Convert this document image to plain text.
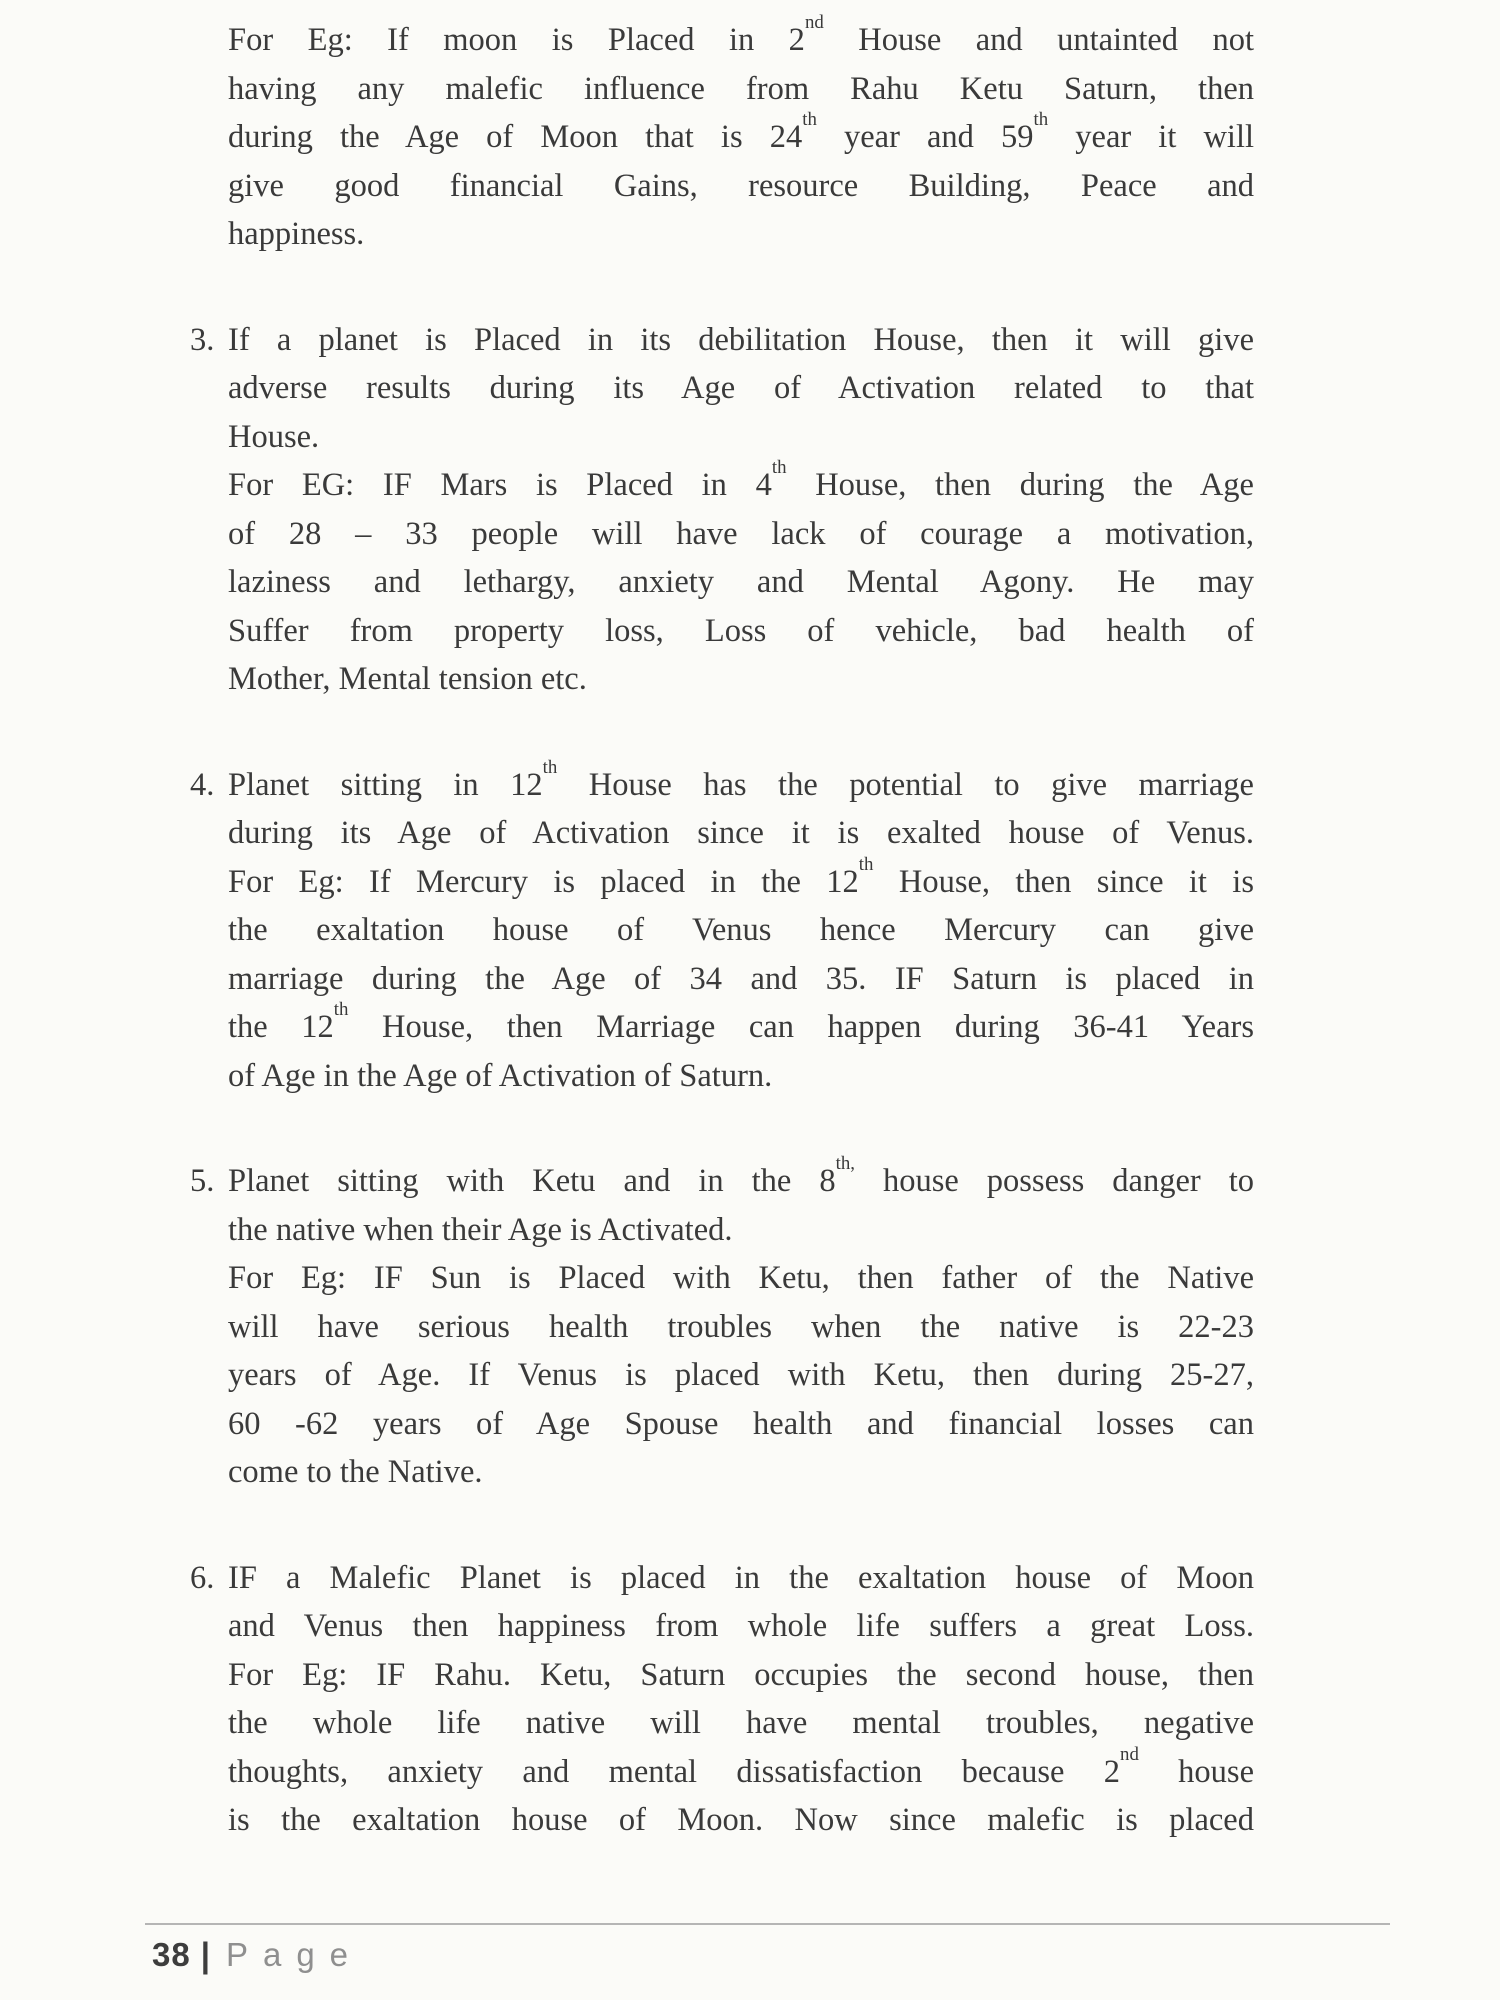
For Eg: If moon is Placed in 2nd House and untainted not
having any malefic influence from Rahu Ketu Saturn, then
during the Age of Moon that is 24th year and 59th year it will
give good financial Gains, resource Building, Peace and
happiness.
3. If a planet is Placed in its debilitation House, then it will give
adverse results during its Age of Activation related to that
House.
For EG: IF Mars is Placed in 4th House, then during the Age
of 28 – 33 people will have lack of courage a motivation,
laziness and lethargy, anxiety and Mental Agony. He may
Suffer from property loss, Loss of vehicle, bad health of
Mother, Mental tension etc.
4. Planet sitting in 12th House has the potential to give marriage
during its Age of Activation since it is exalted house of Venus.
For Eg: If Mercury is placed in the 12th House, then since it is
the exaltation house of Venus hence Mercury can give
marriage during the Age of 34 and 35. IF Saturn is placed in
the 12th House, then Marriage can happen during 36-41 Years
of Age in the Age of Activation of Saturn.
5. Planet sitting with Ketu and in the $8^{th,}$ house possess danger to
the native when their Age is Activated.
For Eg: IF Sun is Placed with Ketu, then father of the Native
will have serious health troubles when the native is 22-23
years of Age. If Venus is placed with Ketu, then during 25-27,
60 -62 years of Age Spouse health and financial losses can
come to the Native.
6. IF a Malefic Planet is placed in the exaltation house of Moon
and Venus then happiness from whole life suffers a great Loss.
For Eg: IF Rahu. Ketu, Saturn occupies the second house, then
the whole life native will have mental troubles, negative
thoughts, anxiety and mental dissatisfaction because 2nd house
is the exaltation house of Moon. Now since malefic is placed
38 | Page
